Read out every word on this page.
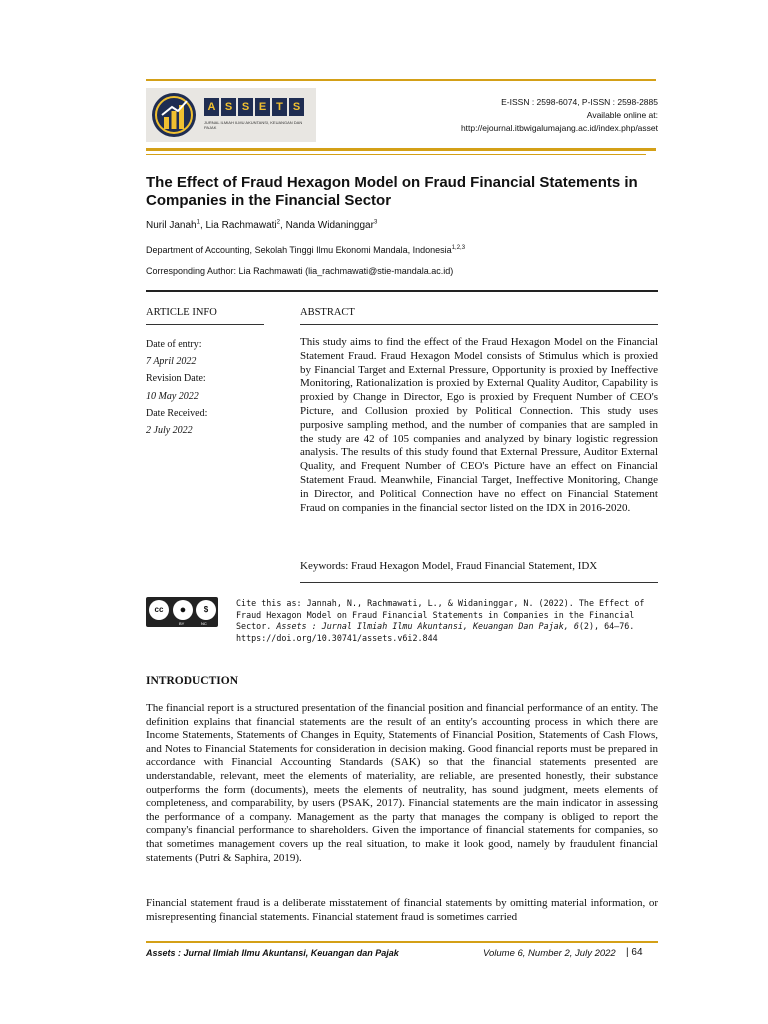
A S S E T S
JURNAL ILMIAH ILMU AKUNTANSI, KEUANGAN DAN PAJAK
E-ISSN : 2598-6074, P-ISSN : 2598-2885
Available online at:
http://ejournal.itbwigalumajang.ac.id/index.php/asset
The Effect of Fraud Hexagon Model on Fraud Financial Statements in Companies in the Financial Sector
Nuril Janah$^1$, Lia Rachmawati$^2$, Nanda Widaninggar$^3$
Department of Accounting, Sekolah Tinggi Ilmu Ekonomi Mandala, Indonesia$^{1,2,3}$
Corresponding Author: Lia Rachmawati (lia_rachmawati@stie-mandala.ac.id)
ARTICLE INFO
Date of entry:
7 April 2022
Revision Date:
10 May 2022
Date Received:
2 July 2022
ABSTRACT
This study aims to find the effect of the Fraud Hexagon Model on the Financial Statement Fraud. Fraud Hexagon Model consists of Stimulus which is proxied by Financial Target and External Pressure, Opportunity is proxied by Ineffective Monitoring, Rationalization is proxied by External Quality Auditor, Capability is proxied by Change in Director, Ego is proxied by Frequent Number of CEO's Picture, and Collusion proxied by Political Connection. This study uses purposive sampling method, and the number of companies that are sampled in the study are 42 of 105 companies and analyzed by binary logistic regression analysis. The results of this study found that External Pressure, Auditor External Quality, and Frequent Number of CEO's Picture have an effect on Financial Statement Fraud. Meanwhile, Financial Target, Ineffective Monitoring, Change in Director, and Political Connection have no effect on Financial Statement Fraud on companies in the financial sector listed on the IDX in 2016-2020.
Keywords: Fraud Hexagon Model, Fraud Financial Statement, IDX
cc	●	$
BY	NC
Cite this as: Jannah, N., Rachmawati, L., & Widaninggar, N. (2022). The Effect of Fraud Hexagon Model on Fraud Financial Statements in Companies in the Financial Sector. Assets : Jurnal Ilmiah Ilmu Akuntansi, Keuangan Dan Pajak, 6(2), 64–76.
https://doi.org/10.30741/assets.v6i2.844
INTRODUCTION
The financial report is a structured presentation of the financial position and financial performance of an entity. The definition explains that financial statements are the result of an entity's accounting process in which there are Income Statements, Statements of Changes in Equity, Statements of Financial Position, Statements of Cash Flows, and Notes to Financial Statements for consideration in decision making. Good financial reports must be prepared in accordance with Financial Accounting Standards (SAK) so that the financial statements presented are understandable, relevant, meet the elements of materiality, are reliable, are presented honestly, their substance outperforms the form (documents), meets the elements of neutrality, has sound judgment, meets elements of completeness, and comparability, by users (PSAK, 2017). Financial statements are the main indicator in assessing the performance of a company. Management as the party that manages the company is obliged to report the company's financial performance to shareholders. Given the importance of financial statements for companies, so that sometimes management covers up the real situation, to make it look good, namely by fraudulent financial statements (Putri & Saphira, 2019).
Financial statement fraud is a deliberate misstatement of financial statements by omitting material information, or misrepresenting financial statements. Financial statement fraud is sometimes carried
Assets : Jurnal Ilmiah Ilmu Akuntansi, Keuangan dan Pajak	Volume 6, Number 2, July 2022 | 64
